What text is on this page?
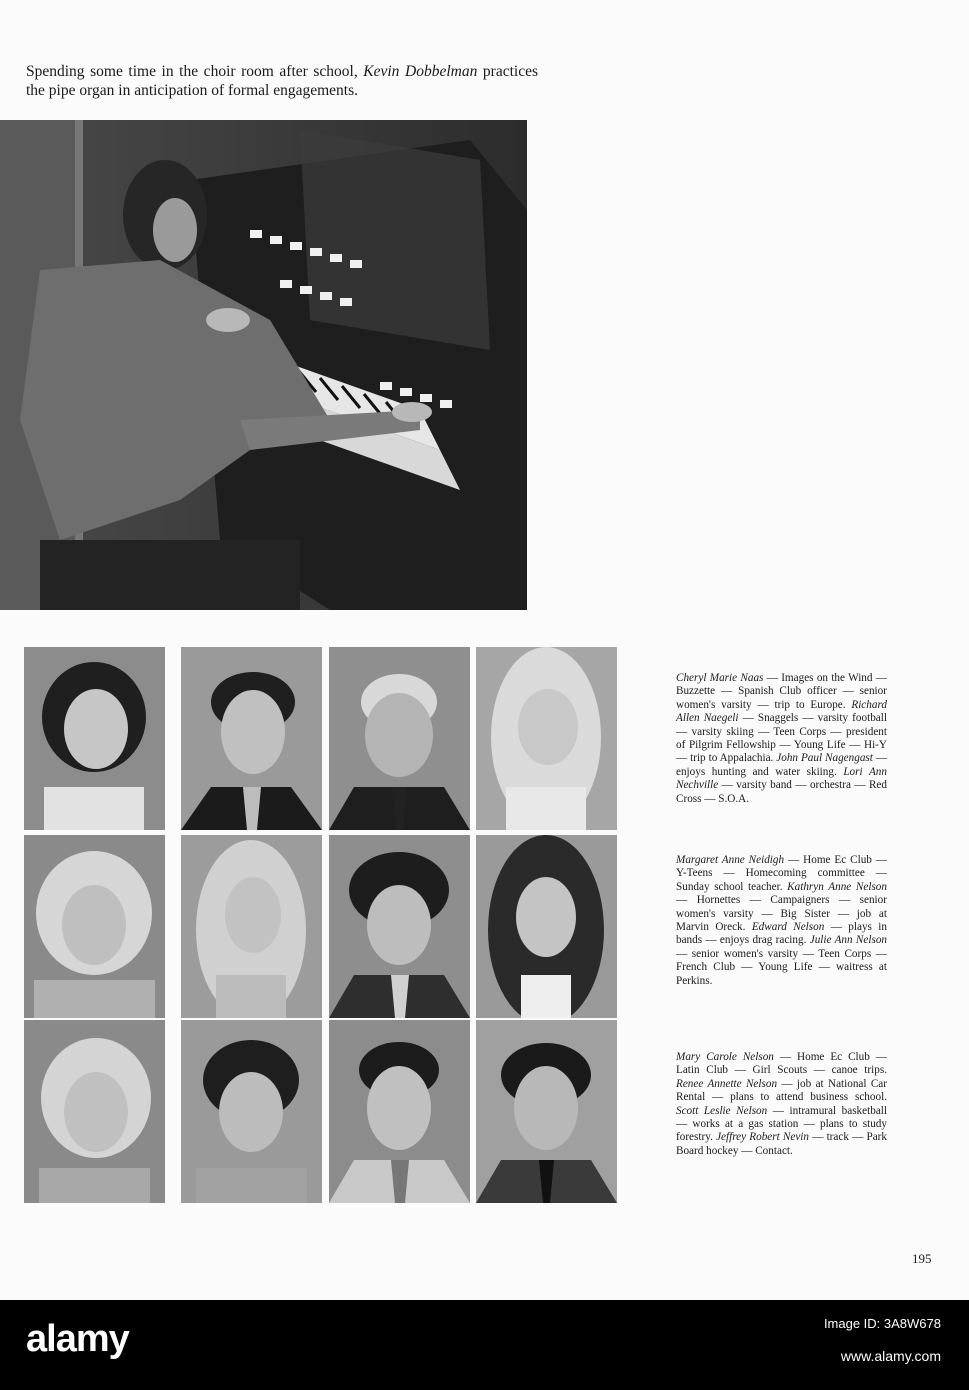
Spending some time in the choir room after school, Kevin Dobbelman practices the pipe organ in anticipation of formal engagements.

Cheryl Marie Naas — Images on the Wind — Buzzette — Spanish Club officer — senior women's varsity — trip to Europe. Richard Allen Naegeli — Snaggels — varsity football — varsity skiing — Teen Corps — president of Pilgrim Fellowship — Young Life — Hi-Y — trip to Appalachia. John Paul Nagengast — enjoys hunting and water skiing. Lori Ann Nechville — varsity band — orchestra — Red Cross — S.O.A.

Margaret Anne Neidigh — Home Ec Club — Y-Teens — Homecoming committee — Sunday school teacher. Kathryn Anne Nelson — Hornettes — Campaigners — senior women's varsity — Big Sister — job at Marvin Oreck. Edward Nelson — plays in bands — enjoys drag racing. Julie Ann Nelson — senior women's varsity — Teen Corps — French Club — Young Life — waitress at Perkins.

Mary Carole Nelson — Home Ec Club — Latin Club — Girl Scouts — canoe trips. Renee Annette Nelson — job at National Car Rental — plans to attend business school. Scott Leslie Nelson — intramural basketball — works at a gas station — plans to study forestry. Jeffrey Robert Nevin — track — Park Board hockey — Contact.

195
alamy	Image ID: 3A8W678
www.alamy.com
